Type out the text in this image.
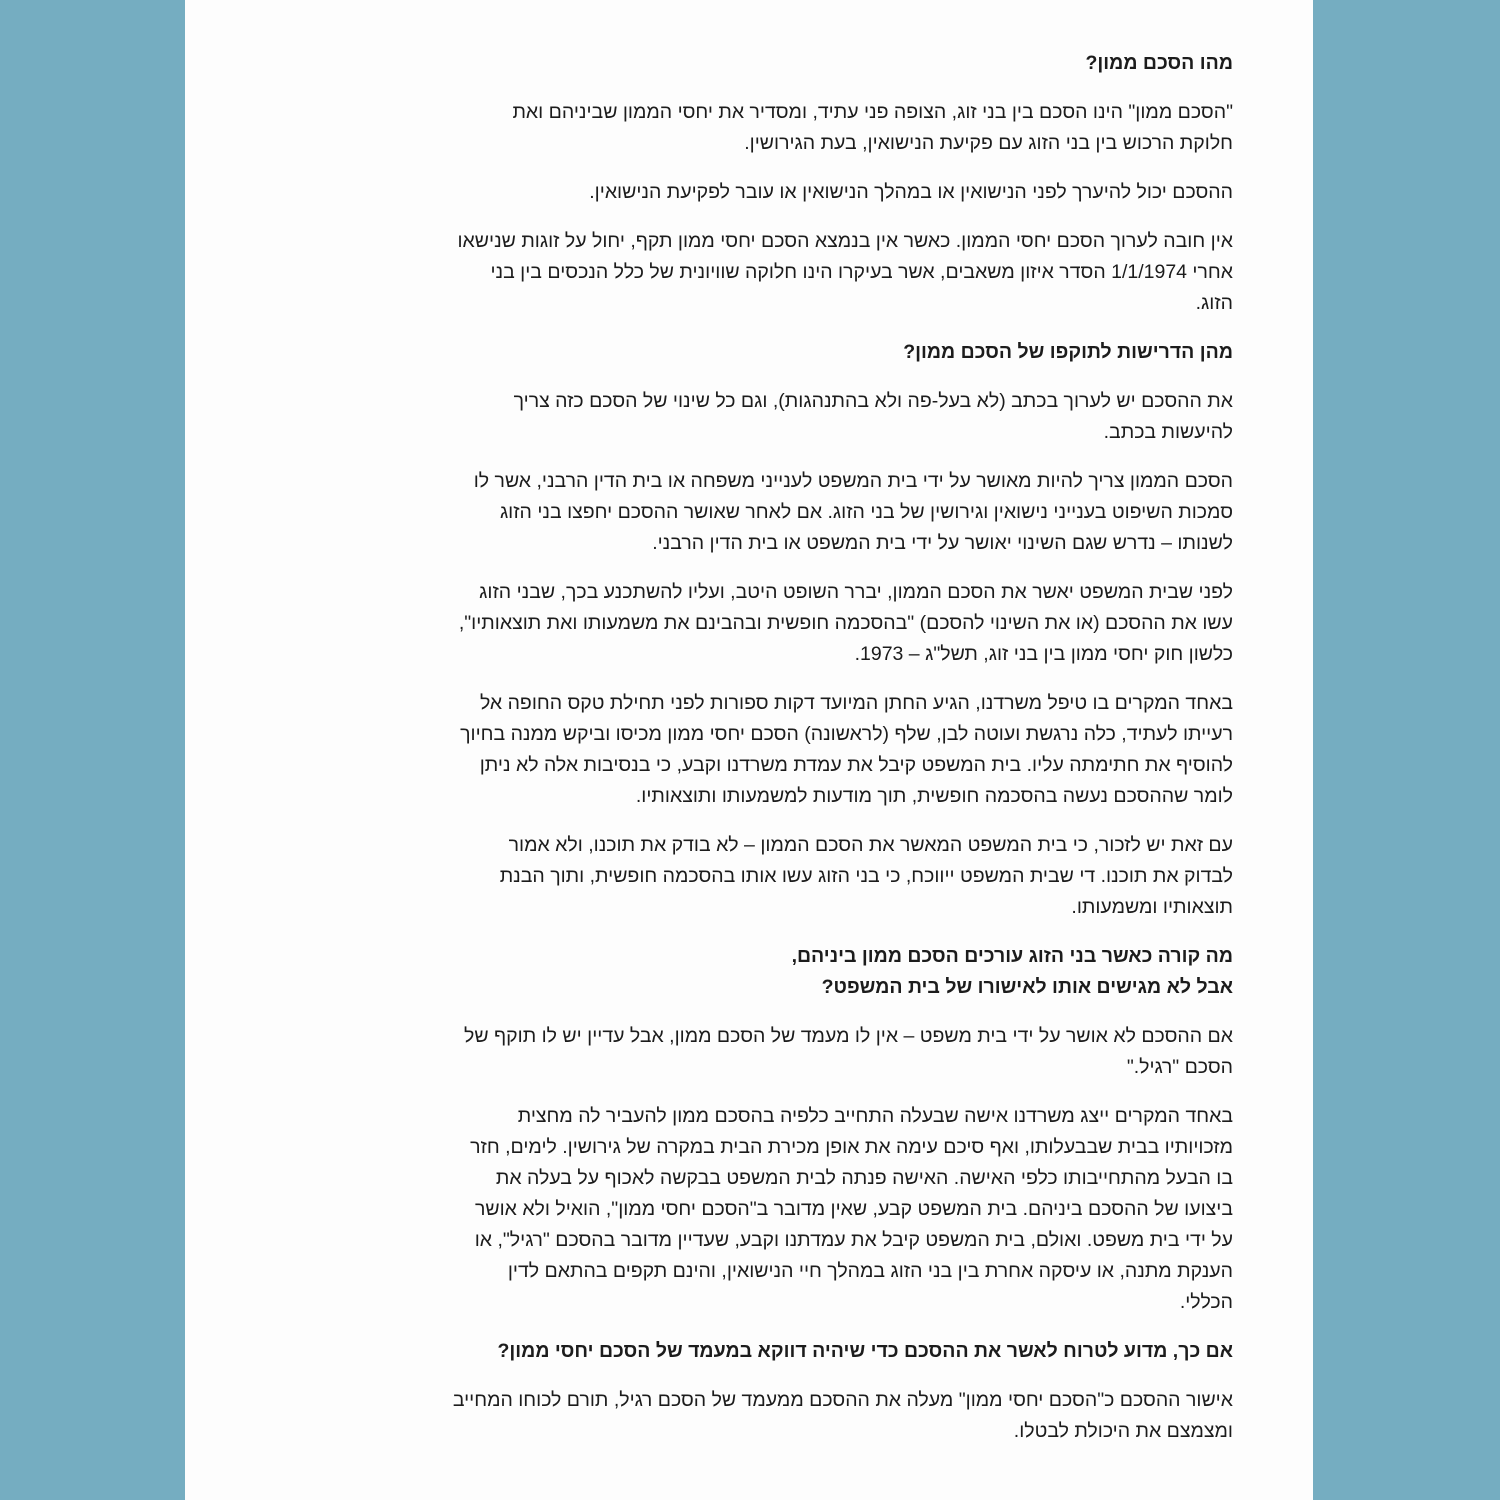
מהו הסכם ממון?
"הסכם ממון" הינו הסכם בין בני זוג, הצופה פני עתיד, ומסדיר את יחסי הממון שביניהם ואת
חלוקת הרכוש בין בני הזוג עם פקיעת הנישואין, בעת הגירושין.
ההסכם יכול להיערך לפני הנישואין או במהלך הנישואין או עובר לפקיעת הנישואין.
אין חובה לערוך הסכם יחסי הממון. כאשר אין בנמצא הסכם יחסי ממון תקף, יחול על זוגות שנישאו
אחרי 1/1/1974 הסדר איזון משאבים, אשר בעיקרו הינו חלוקה שוויונית של כלל הנכסים בין בני
הזוג.
מהן הדרישות לתוקפו של הסכם ממון?
את ההסכם יש לערוך בכתב (לא בעל-פה ולא בהתנהגות), וגם כל שינוי של הסכם כזה צריך
להיעשות בכתב.
הסכם הממון צריך להיות מאושר על ידי בית המשפט לענייני משפחה או בית הדין הרבני, אשר לו
סמכות השיפוט בענייני נישואין וגירושין של בני הזוג. אם לאחר שאושר ההסכם יחפצו בני הזוג
לשנותו – נדרש שגם השינוי יאושר על ידי בית המשפט או בית הדין הרבני.
לפני שבית המשפט יאשר את הסכם הממון, יברר השופט היטב, ועליו להשתכנע בכך, שבני הזוג
עשו את ההסכם (או את השינוי להסכם) "בהסכמה חופשית ובהבינם את משמעותו ואת תוצאותיו",
כלשון חוק יחסי ממון בין בני זוג, תשל"ג – 1973.
באחד המקרים בו טיפל משרדנו, הגיע החתן המיועד דקות ספורות לפני תחילת טקס החופה אל
רעייתו לעתיד, כלה נרגשת ועוטה לבן, שלף (לראשונה) הסכם יחסי ממון מכיסו וביקש ממנה בחיוך
להוסיף את חתימתה עליו. בית המשפט קיבל את עמדת משרדנו וקבע, כי בנסיבות אלה לא ניתן
לומר שההסכם נעשה בהסכמה חופשית, תוך מודעות למשמעותו ותוצאותיו.
עם זאת יש לזכור, כי בית המשפט המאשר את הסכם הממון – לא בודק את תוכנו, ולא אמור
לבדוק את תוכנו. די שבית המשפט ייווכח, כי בני הזוג עשו אותו בהסכמה חופשית, ותוך הבנת
תוצאותיו ומשמעותו.
מה קורה כאשר בני הזוג עורכים הסכם ממון ביניהם,
אבל לא מגישים אותו לאישורו של בית המשפט?
אם ההסכם לא אושר על ידי בית משפט – אין לו מעמד של הסכם ממון, אבל עדיין יש לו תוקף של
הסכם "רגיל."
באחד המקרים ייצג משרדנו אישה שבעלה התחייב כלפיה בהסכם ממון להעביר לה מחצית
מזכויותיו בבית שבבעלותו, ואף סיכם עימה את אופן מכירת הבית במקרה של גירושין. לימים, חזר
בו הבעל מהתחייבותו כלפי האישה. האישה פנתה לבית המשפט בבקשה לאכוף על בעלה את
ביצועו של ההסכם ביניהם. בית המשפט קבע, שאין מדובר ב"הסכם יחסי ממון", הואיל ולא אושר
על ידי בית משפט. ואולם, בית המשפט קיבל את עמדתנו וקבע, שעדיין מדובר בהסכם "רגיל", או
הענקת מתנה, או עיסקה אחרת בין בני הזוג במהלך חיי הנישואין, והינם תקפים בהתאם לדין
הכללי.
אם כך, מדוע לטרוח לאשר את ההסכם כדי שיהיה דווקא במעמד של הסכם יחסי ממון?
אישור ההסכם כ"הסכם יחסי ממון" מעלה את ההסכם ממעמד של הסכם רגיל, תורם לכוחו המחייב
ומצמצם את היכולת לבטלו.
